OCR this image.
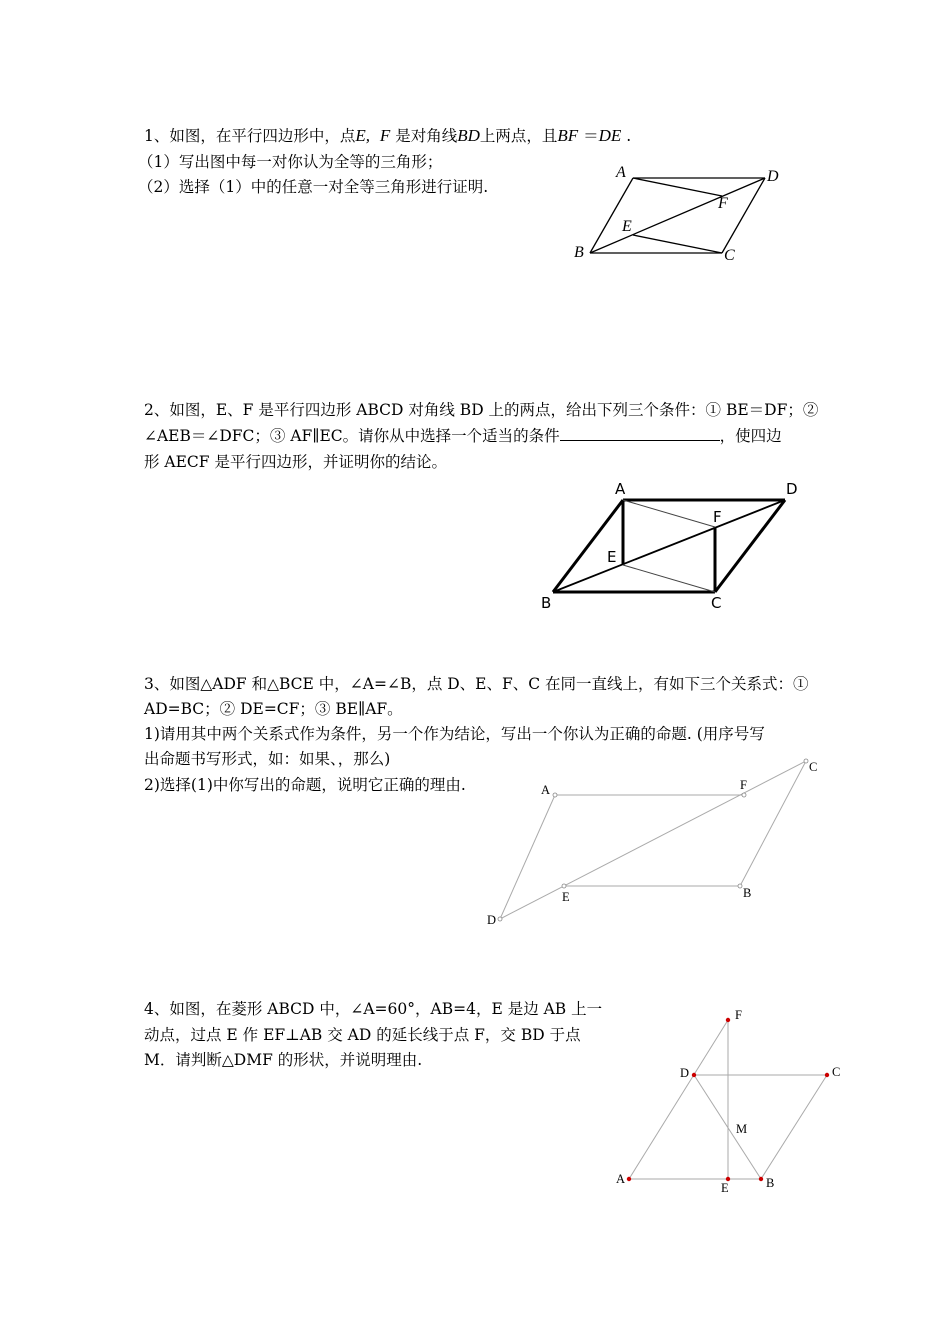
1、如图，在平行四边形中，点E, F 是对角线BD上两点，且BF ＝DE .
（1）写出图中每一对你认为全等的三角形；
（2）选择（1）中的任意一对全等三角形进行证明.
2、如图，E、F 是平行四边形 ABCD 对角线 BD 上的两点，给出下列三个条件：① BE＝DF；②
∠AEB＝∠DFC；③ AF∥EC。请你从中选择一个适当的条件	，使四边
形 AECF 是平行四边形，并证明你的结论。
3、如图△ADF 和△BCE 中，∠A=∠B，点 D、E、F、C 在同一直线上，有如下三个关系式：①
AD=BC；② DE=CF；③ BE∥AF。
1)请用其中两个关系式作为条件，另一个作为结论，写出一个你认为正确的命题. (用序号写
出命题书写形式，如：如果、，那么)
2)选择(1)中你写出的命题，说明它正确的理由.
4、如图，在菱形 ABCD 中，∠A=60°，AB=4，E 是边 AB 上一
动点，过点 E 作 EF⊥AB 交 AD 的延长线于点 F，交 BD 于点
M．请判断△DMF 的形状，并说明理由.
A	D
F
E
B	C
A	D
F
E
B	C
A	F
C
E	B
D
F
D	C
M
A
E	B
